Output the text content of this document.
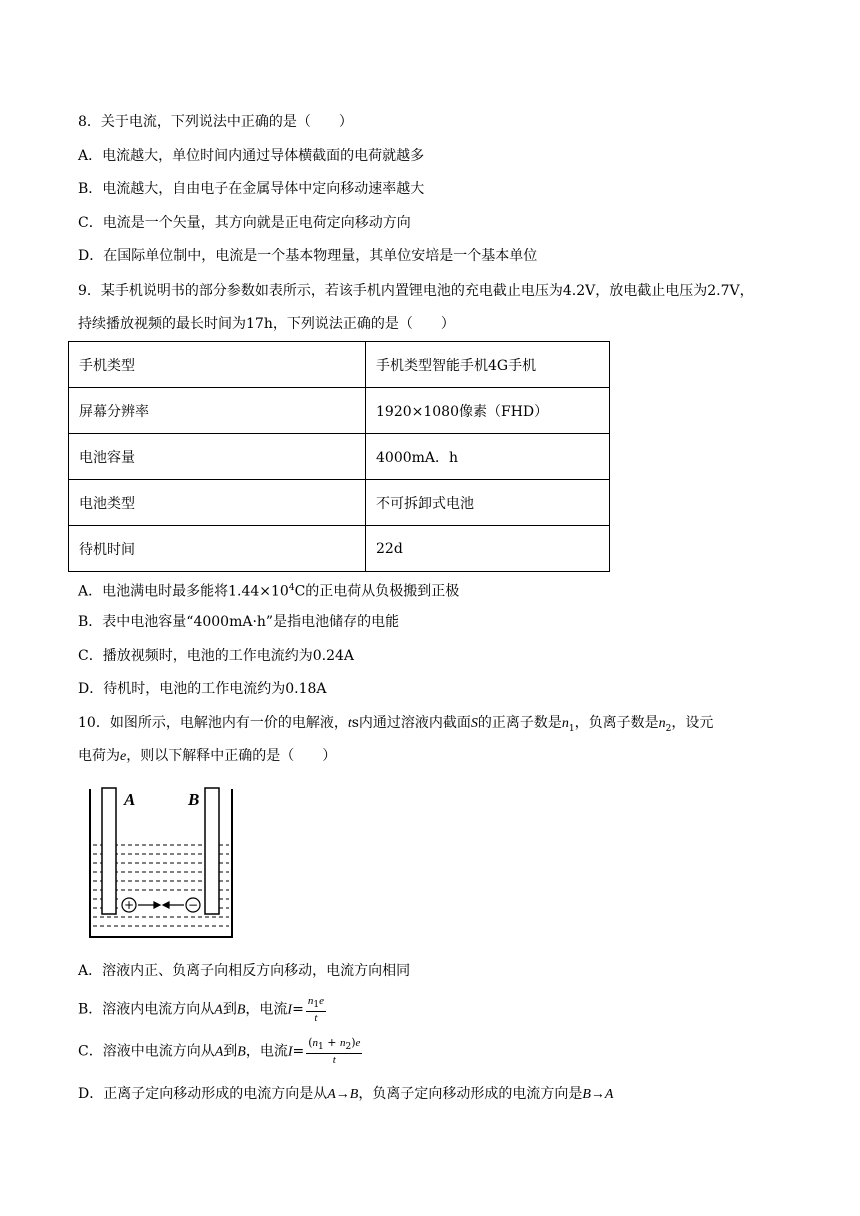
8．关于电流，下列说法中正确的是（　　）
A．电流越大，单位时间内通过导体横截面的电荷就越多
B．电流越大，自由电子在金属导体中定向移动速率越大
C．电流是一个矢量，其方向就是正电荷定向移动方向
D．在国际单位制中，电流是一个基本物理量，其单位安培是一个基本单位
9．某手机说明书的部分参数如表所示，若该手机内置锂电池的充电截止电压为4.2V，放电截止电压为2.7V，
持续播放视频的最长时间为17h，下列说法正确的是（　　）
手机类型	手机类型智能手机4G手机
屏幕分辨率	1920×1080像素（FHD）
电池容量	4000mA．h
电池类型	不可拆卸式电池
待机时间	22d
A．电池满电时最多能将$1.44\times 10^4C$的正电荷从负极搬到正极
B．表中电池容量“4000mA·h”是指电池储存的电能
C．播放视频时，电池的工作电流约为0.24A
D．待机时，电池的工作电流约为0.18A
10．如图所示，电解池内有一价的电解液，ts内通过溶液内截面S的正离子数是$n_1$，负离子数是$n_2$，设元
电荷为e，则以下解释中正确的是（　　）
A	B
+	−
A．溶液内正、负离子向相反方向移动，电流方向相同
B．溶液内电流方向从A到B，电流$I= \frac{n_1e}{t}$
C．溶液中电流方向从A到B，电流$I= \frac{(n_1 + n_2)e}{t}$
D．正离子定向移动形成的电流方向是从A→B，负离子定向移动形成的电流方向是B→A
